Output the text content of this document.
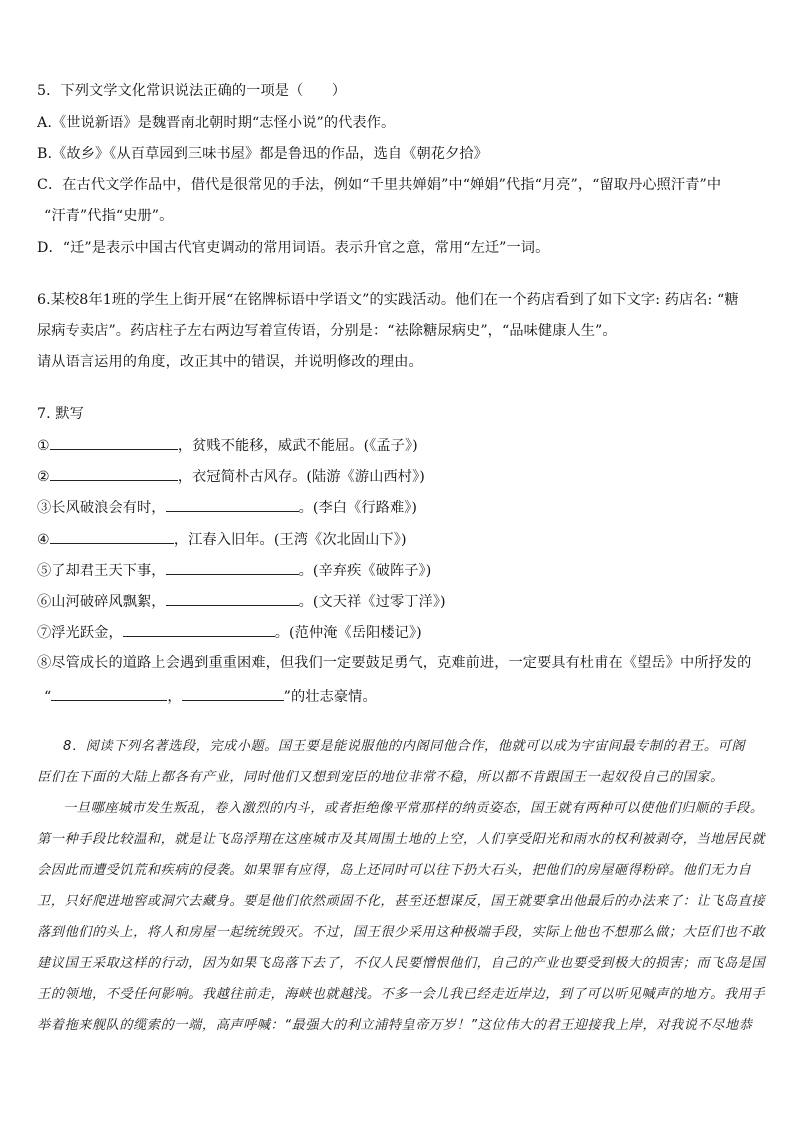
5．下列文学文化常识说法正确的一项是（　　）
A.《世说新语》是魏晋南北朝时期“志怪小说”的代表作。
B.《故乡》《从百草园到三味书屋》都是鲁迅的作品，选自《朝花夕拾》
C．在古代文学作品中，借代是很常见的手法，例如“千里共婵娟”中“婵娟”代指“月亮”，“留取丹心照汗青”中
“汗青”代指“史册”。
D．“迁”是表示中国古代官吏调动的常用词语。表示升官之意，常用“左迁”一词。
6.某校8年1班的学生上街开展“在铭牌标语中学语文”的实践活动。他们在一个药店看到了如下文字: 药店名: “糖
尿病专卖店”。药店柱子左右两边写着宣传语，分别是：“祛除糖尿病史”，“品味健康人生”。
请从语言运用的角度，改正其中的错误，并说明修改的理由。
7. 默写
①	，贫贱不能移，威武不能屈。(《孟子》)
②	，衣冠简朴古风存。(陆游《游山西村》)
③长风破浪会有时，	。(李白《行路难》)
④	，江春入旧年。(王湾《次北固山下》)
⑤了却君王天下事，	。(辛弃疾《破阵子》)
⑥山河破碎风飘絮，	。(文天祥《过零丁洋》)
⑦浮光跃金，	。(范仲淹《岳阳楼记》)
⑧尽管成长的道路上会遇到重重困难，但我们一定要鼓足勇气，克难前进，一定要具有杜甫在《望岳》中所抒发的
“	，	”的壮志豪情。
8．阅读下列名著选段，完成小题。国王要是能说服他的内阁同他合作，他就可以成为宇宙间最专制的君王。可阁
臣们在下面的大陆上都各有产业，同时他们又想到宠臣的地位非常不稳，所以都不肯跟国王一起奴役自己的国家。
一旦哪座城市发生叛乱，卷入激烈的内斗，或者拒绝像平常那样的纳贡姿态，国王就有两种可以使他们归顺的手段。
第一种手段比较温和，就是让飞岛浮翔在这座城市及其周围土地的上空，人们享受阳光和雨水的权利被剥夺，当地居民就
会因此而遭受饥荒和疾病的侵袭。如果罪有应得，岛上还同时可以往下扔大石头，把他们的房屋砸得粉碎。他们无力自
卫，只好爬进地窖或洞穴去藏身。要是他们依然顽固不化，甚至还想谋反，国王就要拿出他最后的办法来了：让飞岛直接
落到他们的头上，将人和房屋一起统统毁灭。不过，国王很少采用这种极端手段，实际上他也不想那么做；大臣们也不敢
建议国王采取这样的行动，因为如果飞岛落下去了，不仅人民要憎恨他们，自己的产业也要受到极大的损害；而飞岛是国
王的领地，不受任何影响。我越往前走，海峡也就越浅。不多一会儿我已经走近岸边，到了可以听见喊声的地方。我用手
举着拖来舰队的缆索的一端，高声呼喊：“最强大的利立浦特皇帝万岁！”这位伟大的君王迎接我上岸，对我说不尽地恭
